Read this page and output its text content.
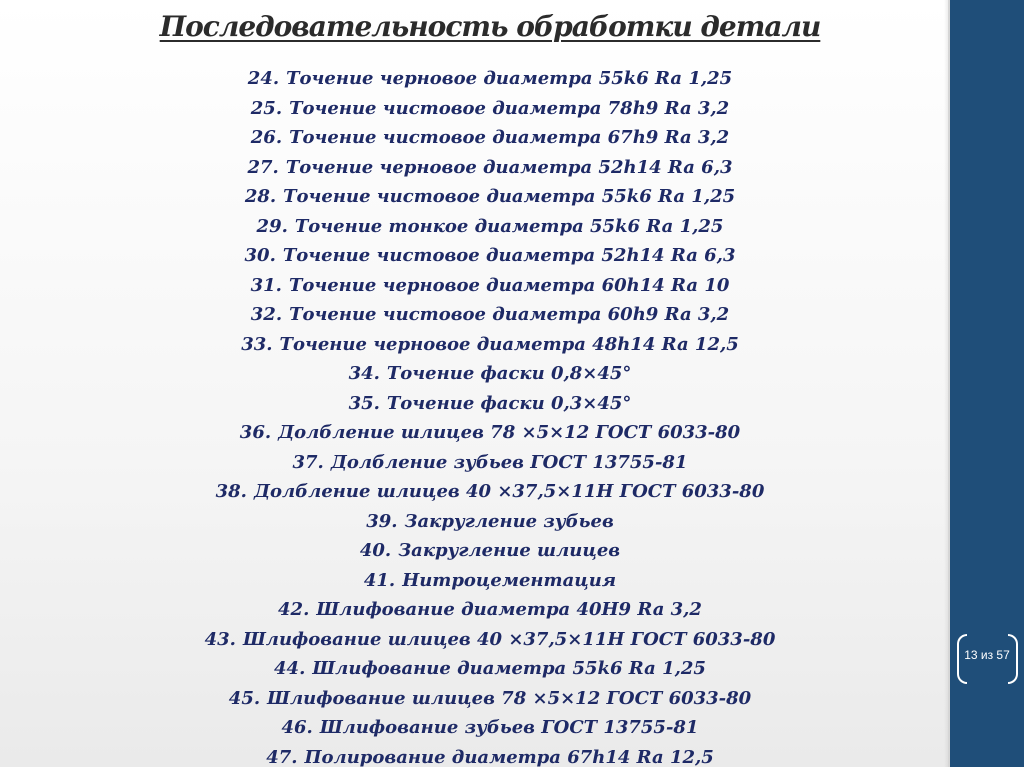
Последовательность обработки детали
24. Точение черновое диаметра 55k6 Ra 1,25
25. Точение чистовое диаметра 78h9 Ra 3,2
26. Точение чистовое диаметра 67h9 Ra 3,2
27. Точение черновое диаметра 52h14 Ra 6,3
28. Точение чистовое диаметра 55k6 Ra 1,25
29. Точение тонкое диаметра 55k6 Ra 1,25
30. Точение чистовое диаметра 52h14 Ra 6,3
31. Точение черновое диаметра 60h14 Ra 10
32. Точение чистовое диаметра 60h9 Ra 3,2
33. Точение черновое диаметра 48h14 Ra 12,5
34. Точение фаски 0,8×45°
35. Точение фаски 0,3×45°
36. Долбление шлицев 78 ×5×12 ГОСТ 6033-80
37. Долбление зубьев ГОСТ 13755-81
38. Долбление шлицев 40 ×37,5×11Н ГОСТ 6033-80
39. Закругление зубьев
40. Закругление шлицев
41. Нитроцементация
42. Шлифование диаметра 40Н9 Ra 3,2
43. Шлифование шлицев 40 ×37,5×11Н ГОСТ 6033-80
44. Шлифование диаметра 55k6 Ra 1,25
45. Шлифование шлицев 78 ×5×12 ГОСТ 6033-80
46. Шлифование зубьев ГОСТ 13755-81
47. Полирование диаметра 67h14 Ra 12,5
13 из 57
